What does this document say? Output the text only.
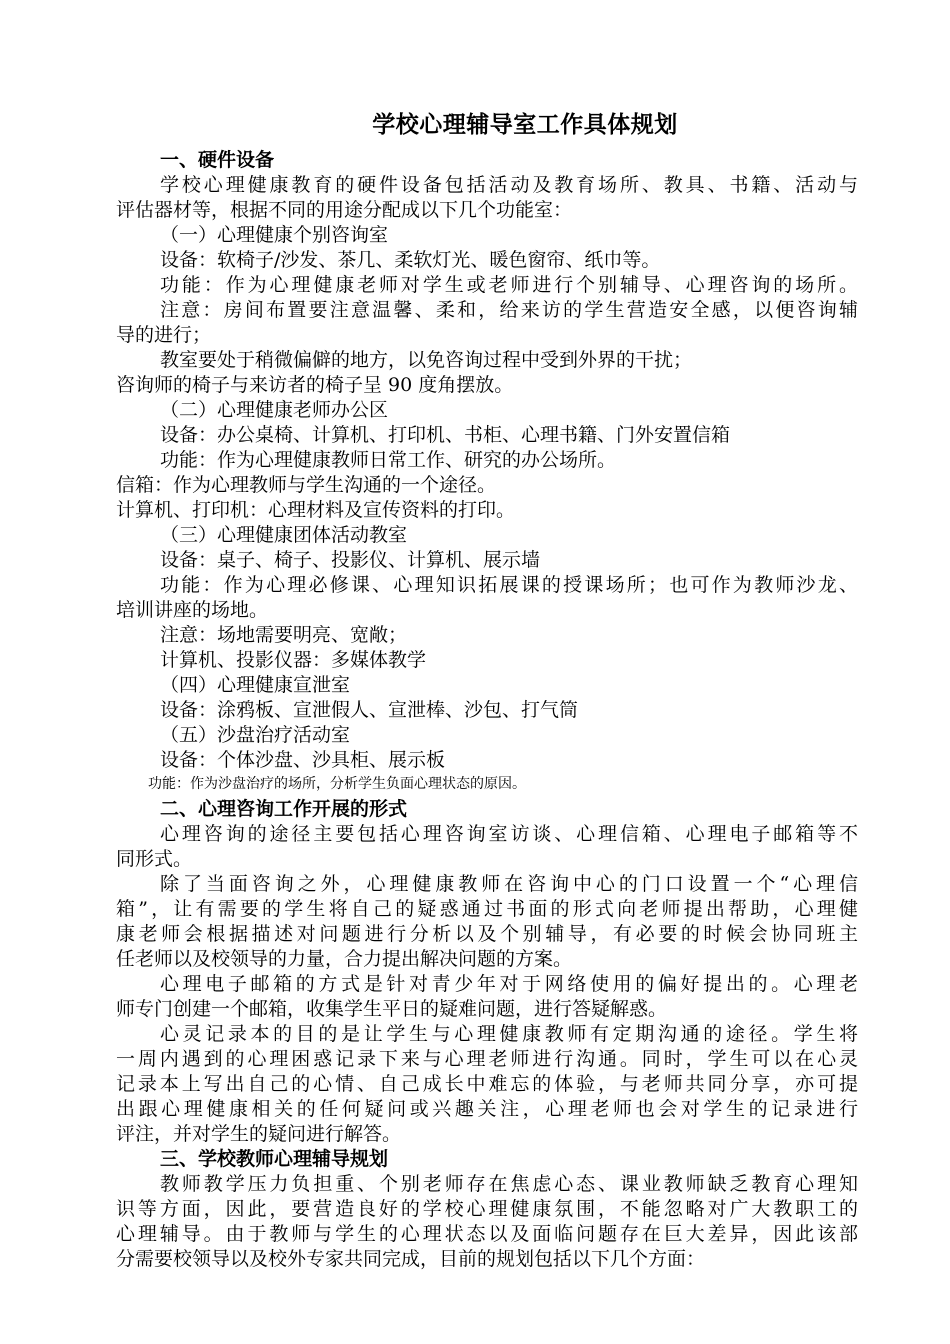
学校心理辅导室工作具体规划
一、硬件设备
学校心理健康教育的硬件设备包括活动及教育场所、教具、书籍、活动与
评估器材等，根据不同的用途分配成以下几个功能室：
（一）心理健康个别咨询室
设备：软椅子/沙发、茶几、柔软灯光、暖色窗帘、纸巾等。
功能：作为心理健康老师对学生或老师进行个别辅导、心理咨询的场所。
注意：房间布置要注意温馨、柔和，给来访的学生营造安全感，以便咨询辅
导的进行；
教室要处于稍微偏僻的地方，以免咨询过程中受到外界的干扰；
咨询师的椅子与来访者的椅子呈 90 度角摆放。
（二）心理健康老师办公区
设备：办公桌椅、计算机、打印机、书柜、心理书籍、门外安置信箱
功能：作为心理健康教师日常工作、研究的办公场所。
信箱：作为心理教师与学生沟通的一个途径。
计算机、打印机：心理材料及宣传资料的打印。
（三）心理健康团体活动教室
设备：桌子、椅子、投影仪、计算机、展示墙
功能：作为心理必修课、心理知识拓展课的授课场所；也可作为教师沙龙、
培训讲座的场地。
注意：场地需要明亮、宽敞；
计算机、投影仪器：多媒体教学
（四）心理健康宣泄室
设备：涂鸦板、宣泄假人、宣泄棒、沙包、打气筒
（五）沙盘治疗活动室
设备：个体沙盘、沙具柜、展示板
功能：作为沙盘治疗的场所，分析学生负面心理状态的原因。
二、心理咨询工作开展的形式
心理咨询的途径主要包括心理咨询室访谈、心理信箱、心理电子邮箱等不
同形式。
除了当面咨询之外，心理健康教师在咨询中心的门口设置一个“心理信
箱”，让有需要的学生将自己的疑惑通过书面的形式向老师提出帮助，心理健
康老师会根据描述对问题进行分析以及个别辅导，有必要的时候会协同班主
任老师以及校领导的力量，合力提出解决问题的方案。
心理电子邮箱的方式是针对青少年对于网络使用的偏好提出的。心理老
师专门创建一个邮箱，收集学生平日的疑难问题，进行答疑解惑。
心灵记录本的目的是让学生与心理健康教师有定期沟通的途径。学生将
一周内遇到的心理困惑记录下来与心理老师进行沟通。同时，学生可以在心灵
记录本上写出自己的心情、自己成长中难忘的体验，与老师共同分享，亦可提
出跟心理健康相关的任何疑问或兴趣关注，心理老师也会对学生的记录进行
评注，并对学生的疑问进行解答。
三、学校教师心理辅导规划
教师教学压力负担重、个别老师存在焦虑心态、课业教师缺乏教育心理知
识等方面，因此，要营造良好的学校心理健康氛围，不能忽略对广大教职工的
心理辅导。由于教师与学生的心理状态以及面临问题存在巨大差异，因此该部
分需要校领导以及校外专家共同完成，目前的规划包括以下几个方面：
